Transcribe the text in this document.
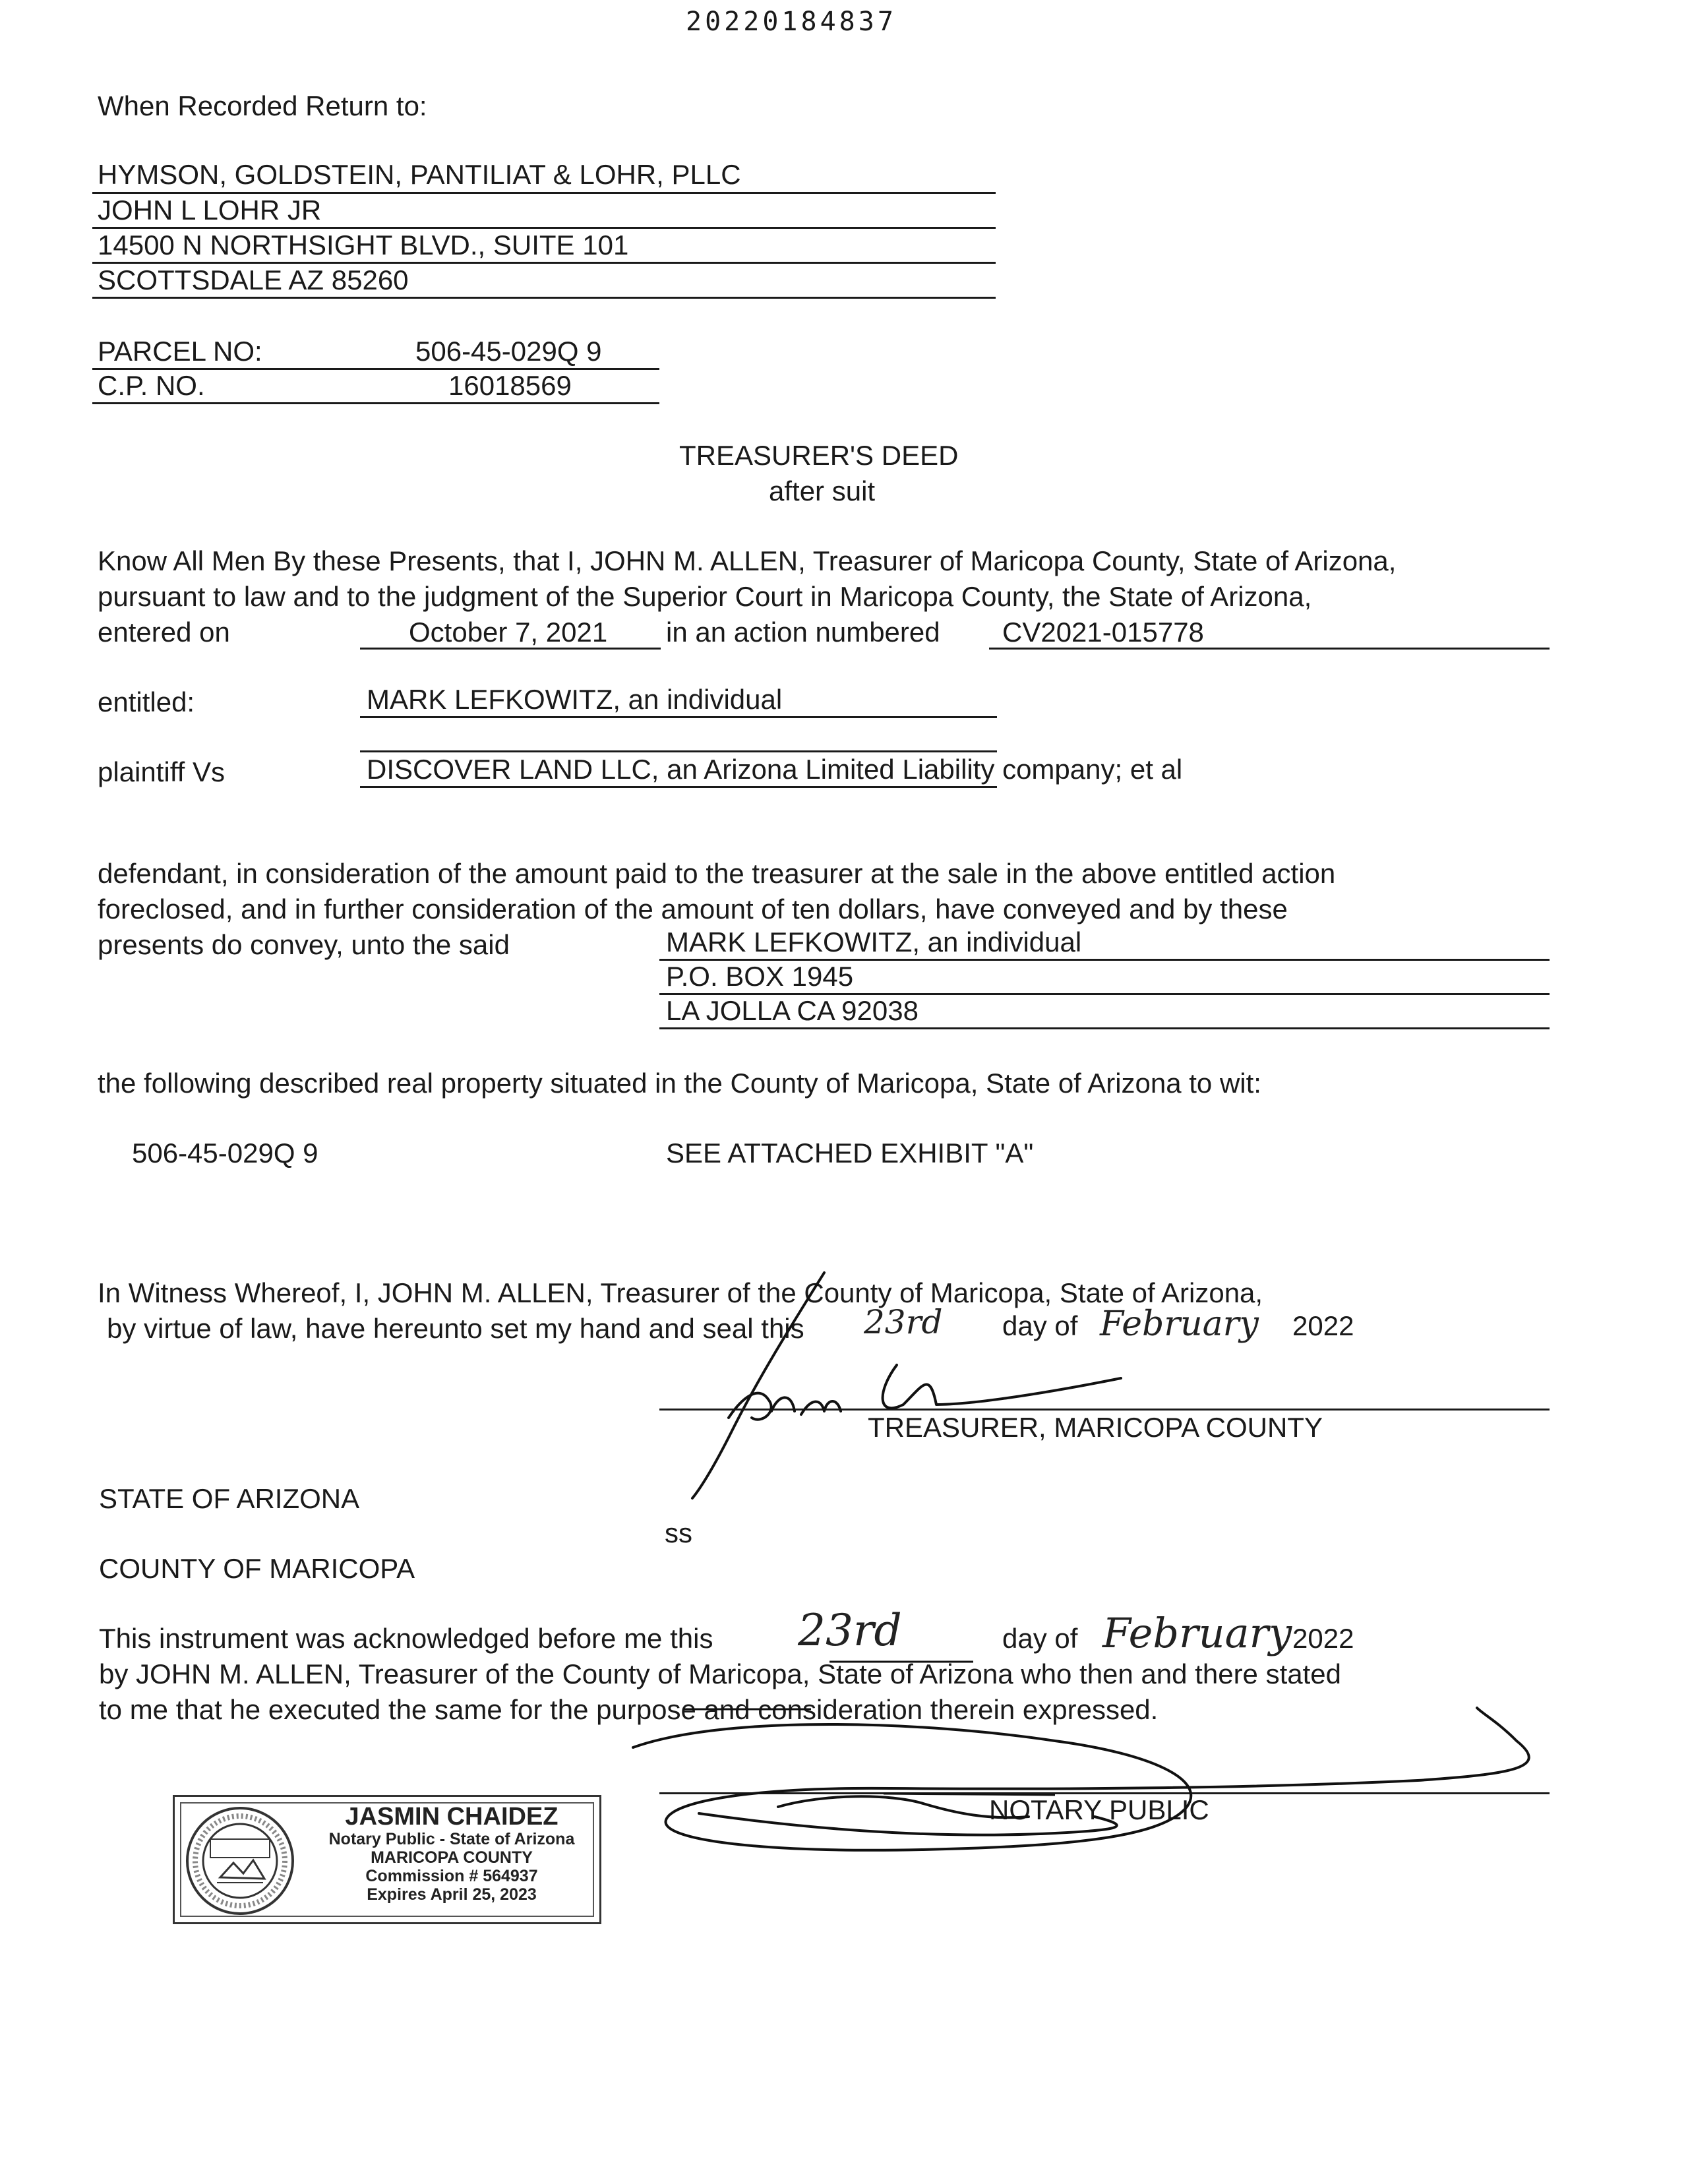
20220184837
When Recorded Return to:
HYMSON, GOLDSTEIN, PANTILIAT & LOHR, PLLC
JOHN L LOHR JR
14500 N NORTHSIGHT BLVD., SUITE 101
SCOTTSDALE AZ 85260
PARCEL NO:	506-45-029Q 9
C.P. NO.	16018569
TREASURER'S DEED
after suit
Know All Men By these Presents, that I, JOHN M. ALLEN, Treasurer of Maricopa County, State of Arizona,
pursuant to law and to the judgment of the Superior Court in Maricopa County, the State of Arizona,
entered on	October 7, 2021 in an action numbered CV2021-015778
entitled:	MARK LEFKOWITZ, an individual
plaintiff Vs	DISCOVER LAND LLC, an Arizona Limited Liability company; et al
defendant, in consideration of the amount paid to the treasurer at the sale in the above entitled action
foreclosed, and in further consideration of the amount of ten dollars, have conveyed and by these
presents do convey, unto the said	MARK LEFKOWITZ, an individual
P.O. BOX 1945
LA JOLLA CA 92038
the following described real property situated in the County of Maricopa, State of Arizona to wit:
506-45-029Q 9	SEE ATTACHED EXHIBIT "A"
In Witness Whereof, I, JOHN M. ALLEN, Treasurer of the County of Maricopa, State of Arizona,
by virtue of law, have hereunto set my hand and seal this 23rd day of February 2022
TREASURER, MARICOPA COUNTY
STATE OF ARIZONA
ss
COUNTY OF MARICOPA
This instrument was acknowledged before me this 23rd	day of February 2022
by JOHN M. ALLEN, Treasurer of the County of Maricopa, State of Arizona who then and there stated
to me that he executed the same for the purpose and consideration therein expressed.
NOTARY PUBLIC
JASMIN CHAIDEZ
Notary Public - State of Arizona
MARICOPA COUNTY
Commission # 564937
Expires April 25, 2023
